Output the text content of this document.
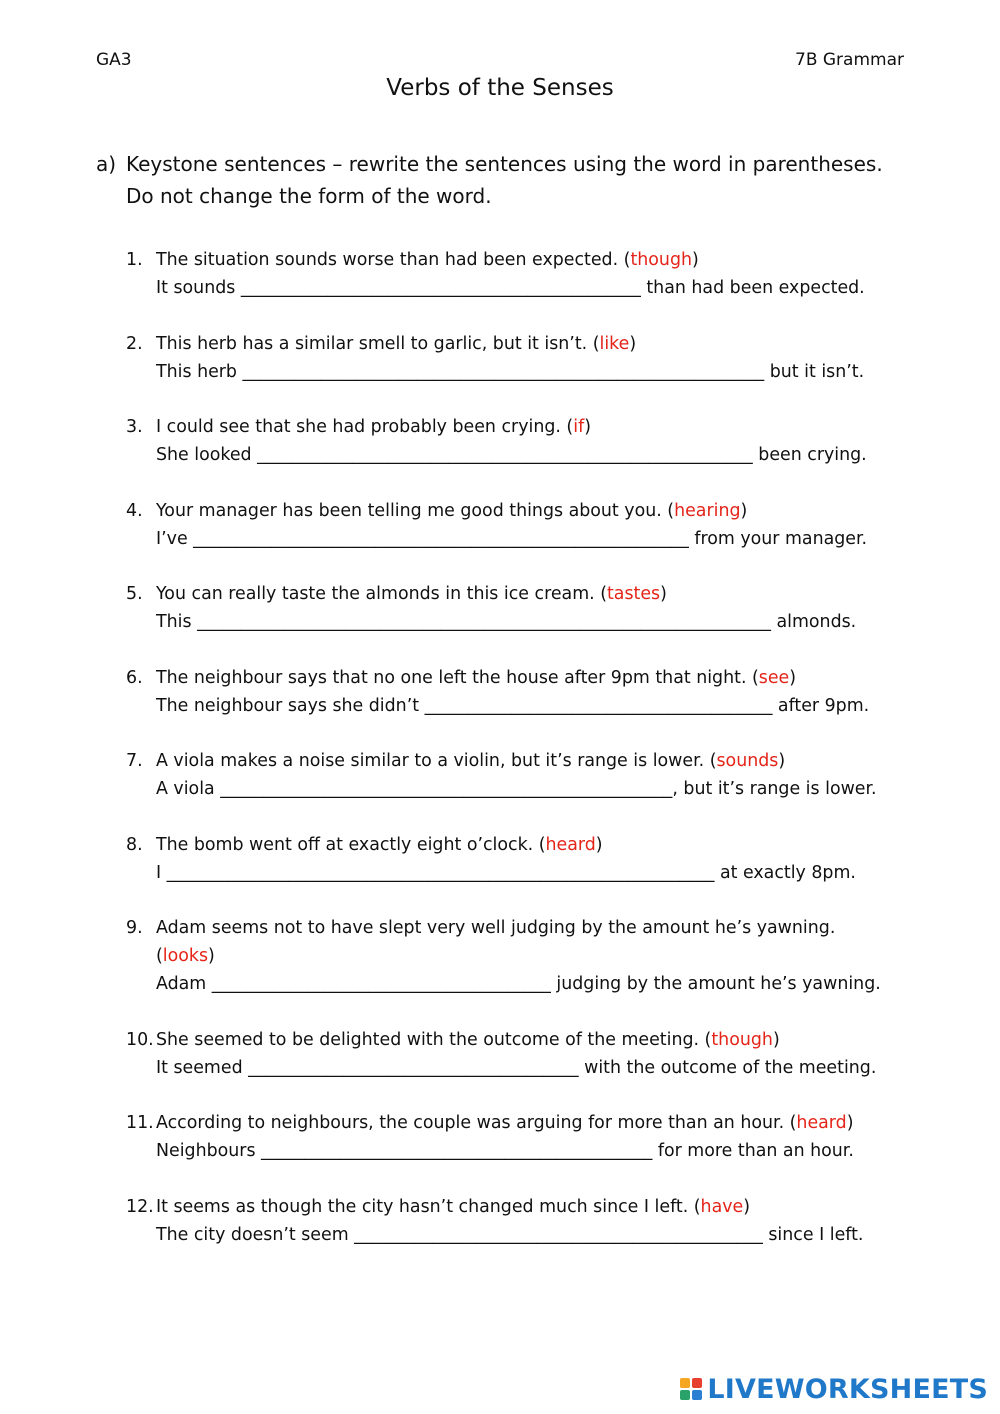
GA3	7B Grammar
Verbs of the Senses
a) Keystone sentences – rewrite the sentences using the word in parentheses. Do not change the form of the word.
1. The situation sounds worse than had been expected. (though)
It sounds ______________________________________________ than had been expected.
2. This herb has a similar smell to garlic, but it isn’t. (like)
This herb ____________________________________________________________ but it isn’t.
3. I could see that she had probably been crying. (if)
She looked _________________________________________________________ been crying.
4. Your manager has been telling me good things about you. (hearing)
I’ve _________________________________________________________ from your manager.
5. You can really taste the almonds in this ice cream. (tastes)
This __________________________________________________________________ almonds.
6. The neighbour says that no one left the house after 9pm that night. (see)
The neighbour says she didn’t ________________________________________ after 9pm.
7. A viola makes a noise similar to a violin, but it’s range is lower. (sounds)
A viola ____________________________________________________, but it’s range is lower.
8. The bomb went off at exactly eight o’clock. (heard)
I _______________________________________________________________ at exactly 8pm.
9. Adam seems not to have slept very well judging by the amount he’s yawning.
(looks)
Adam _______________________________________ judging by the amount he’s yawning.
10. She seemed to be delighted with the outcome of the meeting. (though)
It seemed ______________________________________ with the outcome of the meeting.
11. According to neighbours, the couple was arguing for more than an hour. (heard)
Neighbours _____________________________________________ for more than an hour.
12. It seems as though the city hasn’t changed much since I left. (have)
The city doesn’t seem _______________________________________________ since I left.
LIVEWORKSHEETS
